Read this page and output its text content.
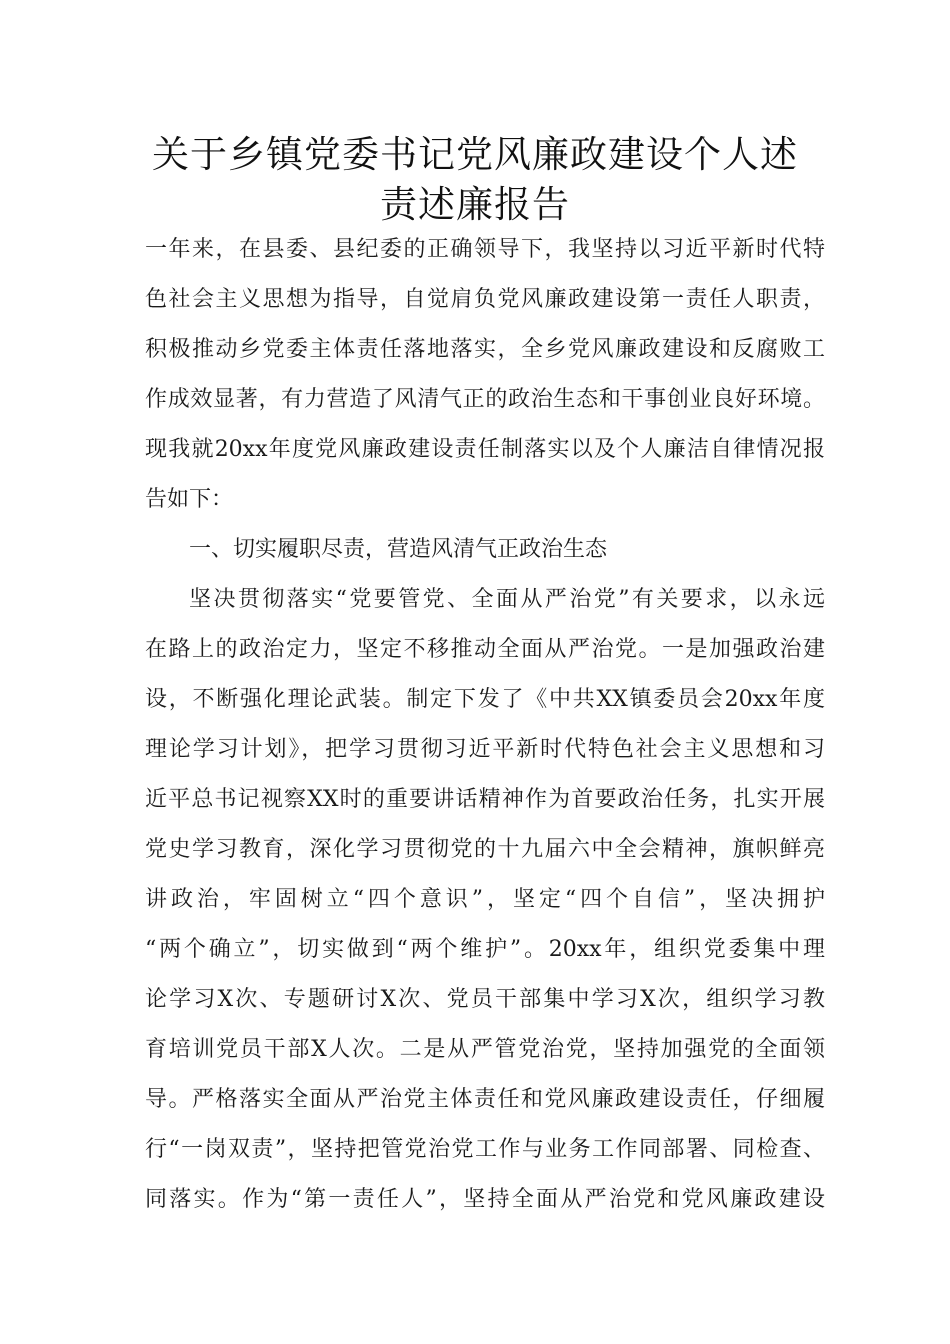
关于乡镇党委书记党风廉政建设个人述
责述廉报告
一年来，在县委、县纪委的正确领导下，我坚持以习近平新时代特
色社会主义思想为指导，自觉肩负党风廉政建设第一责任人职责，
积极推动乡党委主体责任落地落实，全乡党风廉政建设和反腐败工
作成效显著，有力营造了风清气正的政治生态和干事创业良好环境。
现我就20xx年度党风廉政建设责任制落实以及个人廉洁自律情况报
告如下：
一、切实履职尽责，营造风清气正政治生态
坚决贯彻落实“党要管党、全面从严治党”有关要求，以永远
在路上的政治定力，坚定不移推动全面从严治党。一是加强政治建
设，不断强化理论武装。制定下发了《中共XX镇委员会20xx年度
理论学习计划》，把学习贯彻习近平新时代特色社会主义思想和习
近平总书记视察XX时的重要讲话精神作为首要政治任务，扎实开展
党史学习教育，深化学习贯彻党的十九届六中全会精神，旗帜鲜亮
讲政治，牢固树立“四个意识”，坚定“四个自信”，坚决拥护
“两个确立”，切实做到“两个维护”。20xx年，组织党委集中理
论学习X次、专题研讨X次、党员干部集中学习X次，组织学习教
育培训党员干部X人次。二是从严管党治党，坚持加强党的全面领
导。严格落实全面从严治党主体责任和党风廉政建设责任，仔细履
行“一岗双责”，坚持把管党治党工作与业务工作同部署、同检查、
同落实。作为“第一责任人”，坚持全面从严治党和党风廉政建设
